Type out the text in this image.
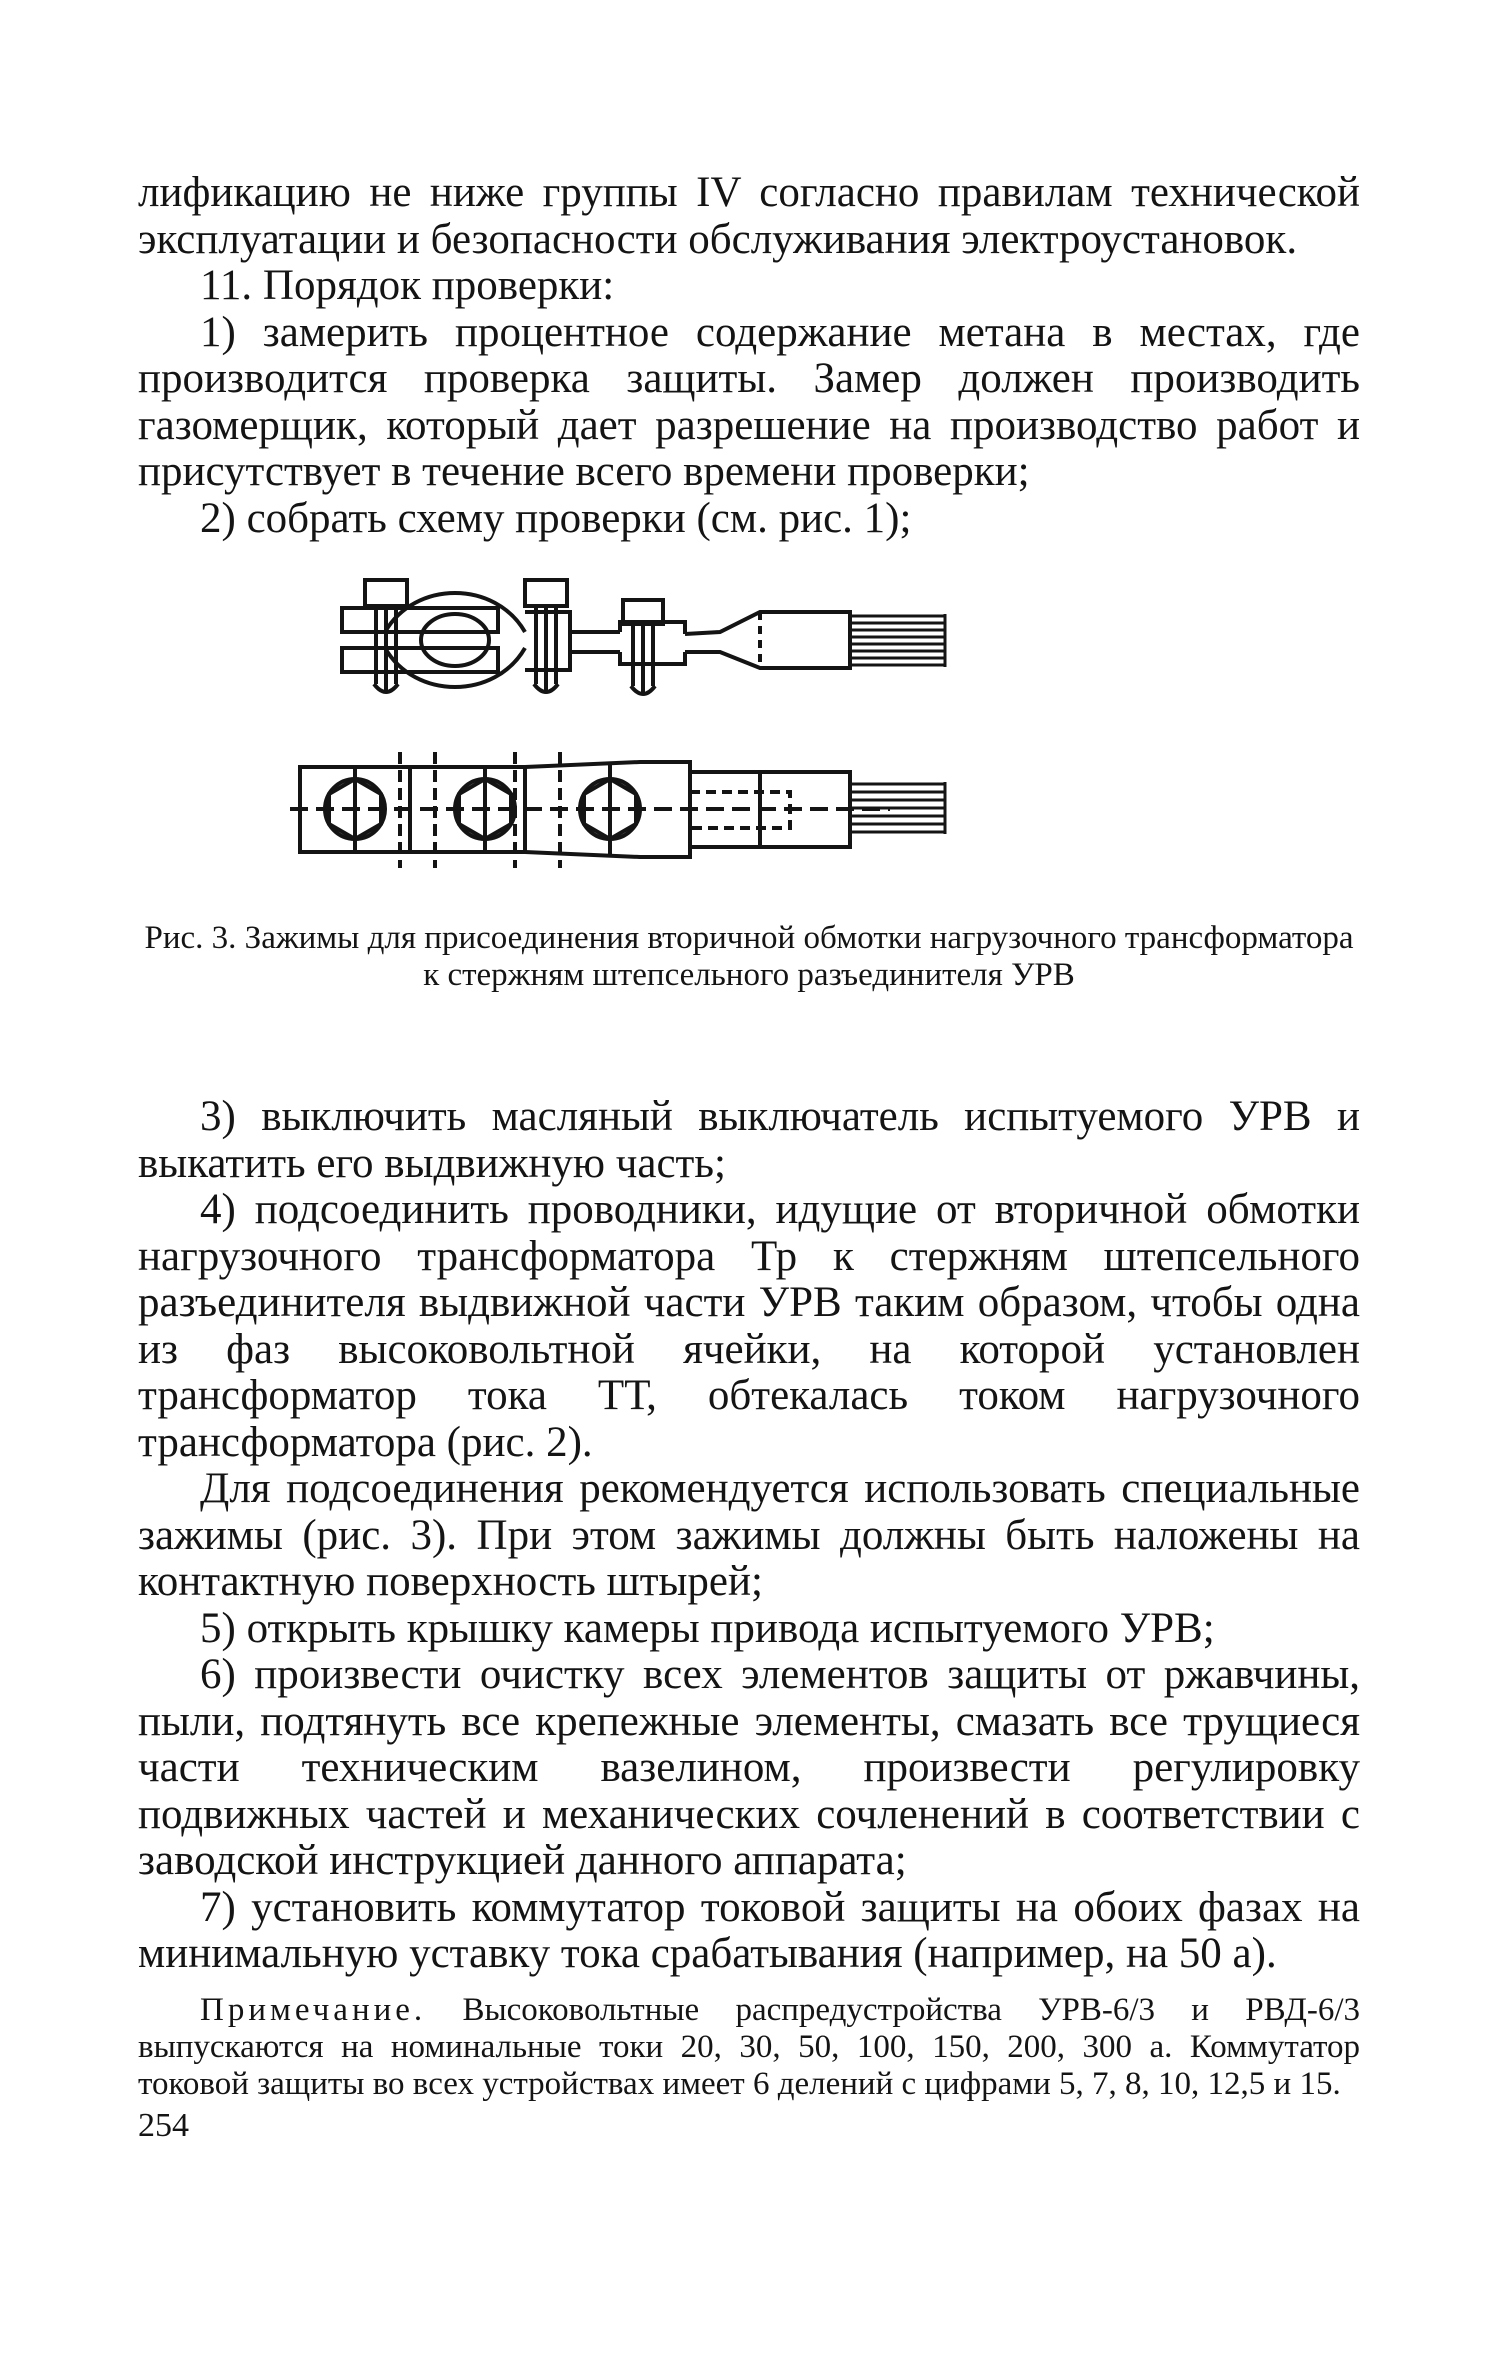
лификацию не ниже группы IV согласно правилам технической эксплуатации и безопасности обслуживания электроустановок.

11. Порядок проверки:

1) замерить процентное содержание метана в местах, где производится проверка защиты. Замер должен производить газомерщик, который дает разрешение на производство работ и присутствует в течение всего времени проверки;

2) собрать схему проверки (см. рис. 1);

Рис. 3. Зажимы для присоединения вторичной обмотки нагрузочного трансформатора к стержням штепсельного разъединителя УРВ

3) выключить масляный выключатель испытуемого УРВ и выкатить его выдвижную часть;

4) подсоединить проводники, идущие от вторичной обмотки нагрузочного трансформатора Тр к стержням штепсельного разъединителя выдвижной части УРВ таким образом, чтобы одна из фаз высоковольтной ячейки, на которой установлен трансформатор тока ТТ, обтекалась током нагрузочного трансформатора (рис. 2).

Для подсоединения рекомендуется использовать специальные зажимы (рис. 3). При этом зажимы должны быть наложены на контактную поверхность штырей;

5) открыть крышку камеры привода испытуемого УРВ;

6) произвести очистку всех элементов защиты от ржавчины, пыли, подтянуть все крепежные элементы, смазать все трущиеся части техническим вазелином, произвести регулировку подвижных частей и механических сочленений в соответствии с заводской инструкцией данного аппарата;

7) установить коммутатор токовой защиты на обоих фазах на минимальную уставку тока срабатывания (например, на 50 а).

Примечание. Высоковольтные распредустройства УРВ-6/3 и РВД-6/3 выпускаются на номинальные токи 20, 30, 50, 100, 150, 200, 300 а. Коммутатор токовой защиты во всех устройствах имеет 6 делений с цифрами 5, 7, 8, 10, 12,5 и 15.

254
